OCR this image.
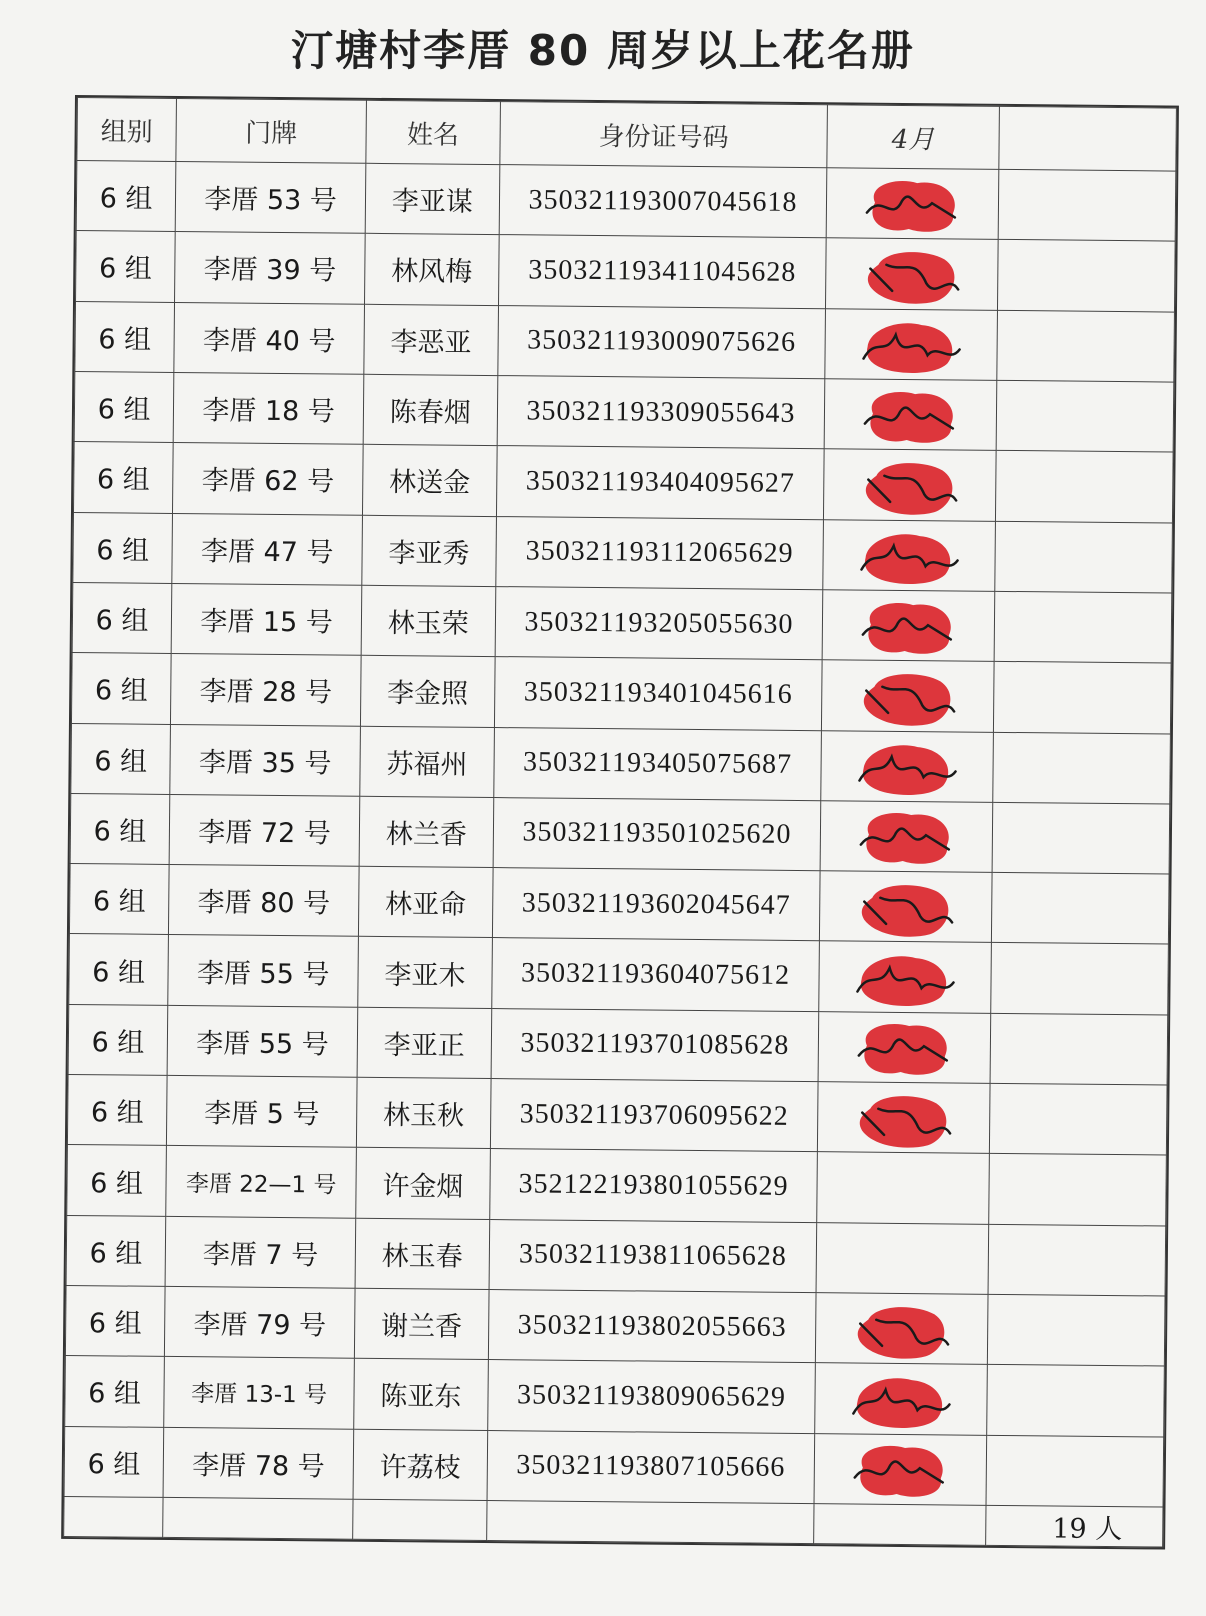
汀塘村李厝 80 周岁以上花名册
组别	门牌	姓名	身份证号码	4月	
6 组	李厝 53 号	李亚谋	350321193007045618	

6 组	李厝 39 号	林风梅	350321193411045628	

6 组	李厝 40 号	李恶亚	350321193009075626	

6 组	李厝 18 号	陈春烟	350321193309055643	

6 组	李厝 62 号	林送金	350321193404095627	

6 组	李厝 47 号	李亚秀	350321193112065629	

6 组	李厝 15 号	林玉荣	350321193205055630	

6 组	李厝 28 号	李金照	350321193401045616	

6 组	李厝 35 号	苏福州	350321193405075687	

6 组	李厝 72 号	林兰香	350321193501025620	

6 组	李厝 80 号	林亚命	350321193602045647	

6 组	李厝 55 号	李亚木	350321193604075612	

6 组	李厝 55 号	李亚正	350321193701085628	

6 组	李厝 5 号	林玉秋	350321193706095622	

6 组	李厝 22—1 号	许金烟	352122193801055629		
6 组	李厝 7 号	林玉春	350321193811065628		
6 组	李厝 79 号	谢兰香	350321193802055663	

6 组	李厝 13-1 号	陈亚东	350321193809065629	

6 组	李厝 78 号	许荔枝	350321193807105666	

					19 人
